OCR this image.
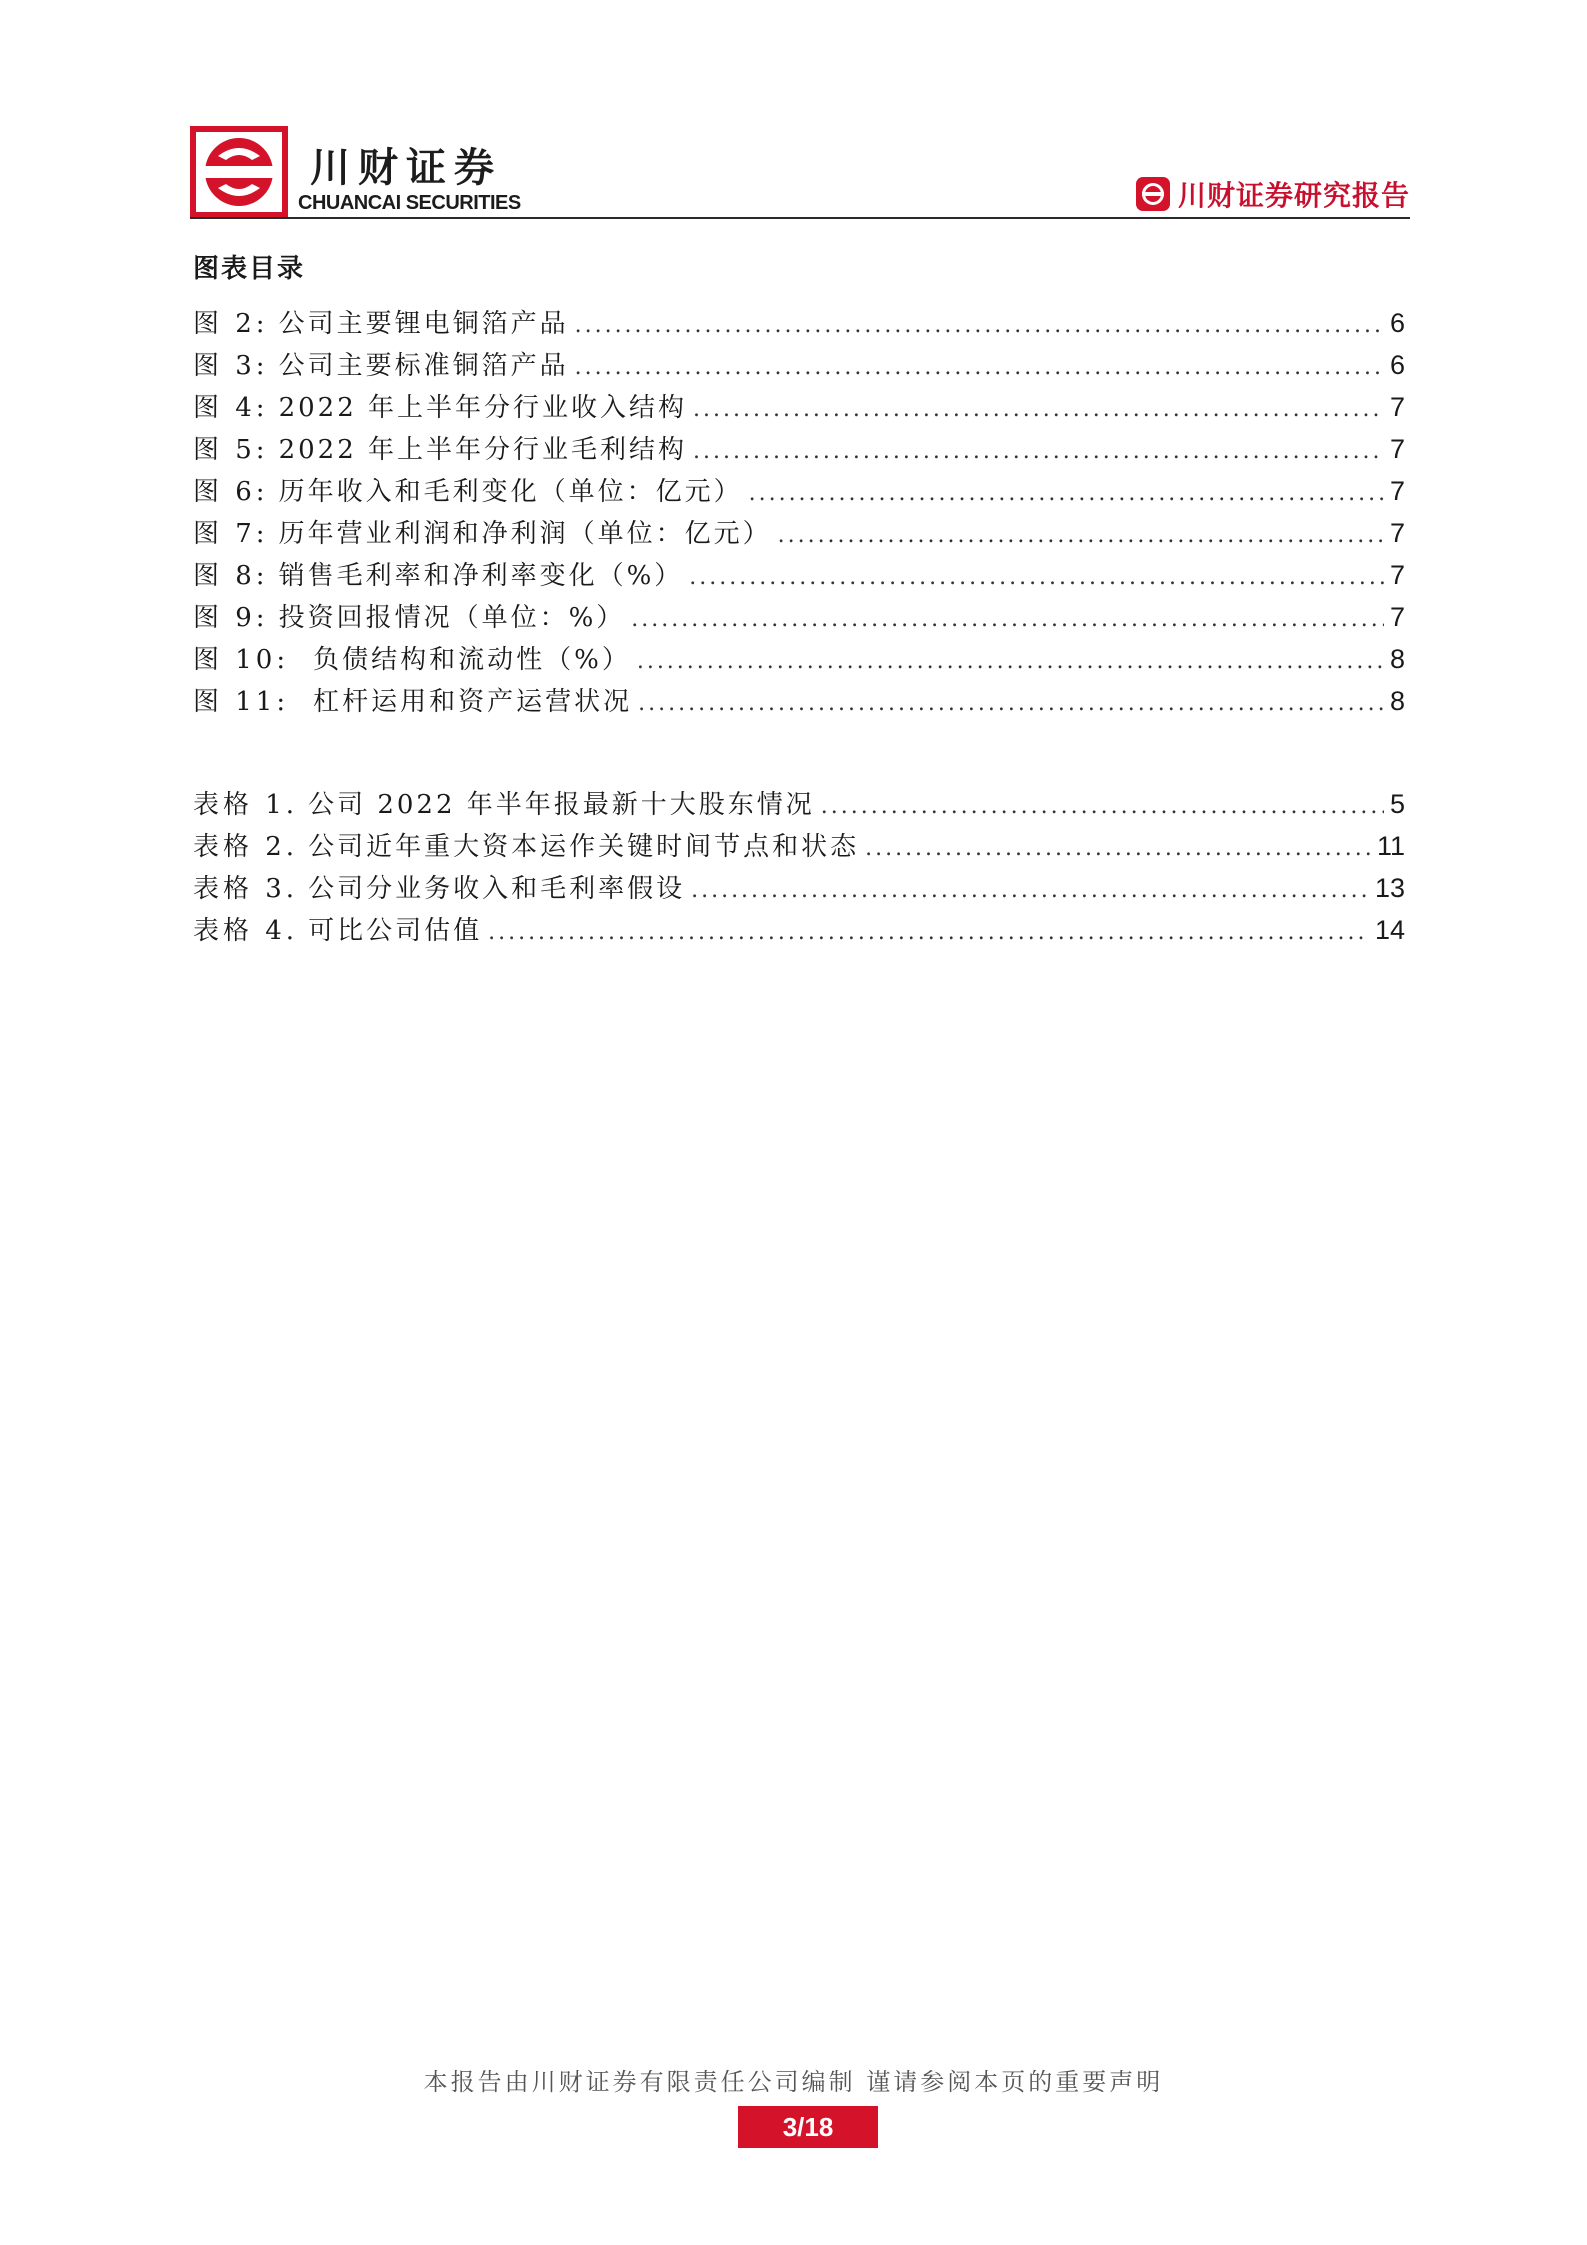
川财证券
CHUANCAI SECURITIES	川财证券研究报告
图表目录
图 2: 公司主要锂电铜箔产品 .....	6
图 3: 公司主要标准铜箔产品 .....	6
图 4: 2022 年上半年分行业收入结构 .....	7
图 5: 2022 年上半年分行业毛利结构 .....	7
图 6: 历年收入和毛利变化（单位：亿元） .....	7
图 7: 历年营业利润和净利润（单位：亿元） .....	7
图 8: 销售毛利率和净利率变化（%） .....	7
图 9: 投资回报情况（单位：%） .....	7
图 10: 负债结构和流动性（%） .....	8
图 11: 杠杆运用和资产运营状况 .....	8
表格 1. 公司 2022 年半年报最新十大股东情况 .....	5
表格 2. 公司近年重大资本运作关键时间节点和状态 .....	11
表格 3. 公司分业务收入和毛利率假设 .....	13
表格 4. 可比公司估值 .....	14
本报告由川财证券有限责任公司编制 谨请参阅本页的重要声明
3/18
